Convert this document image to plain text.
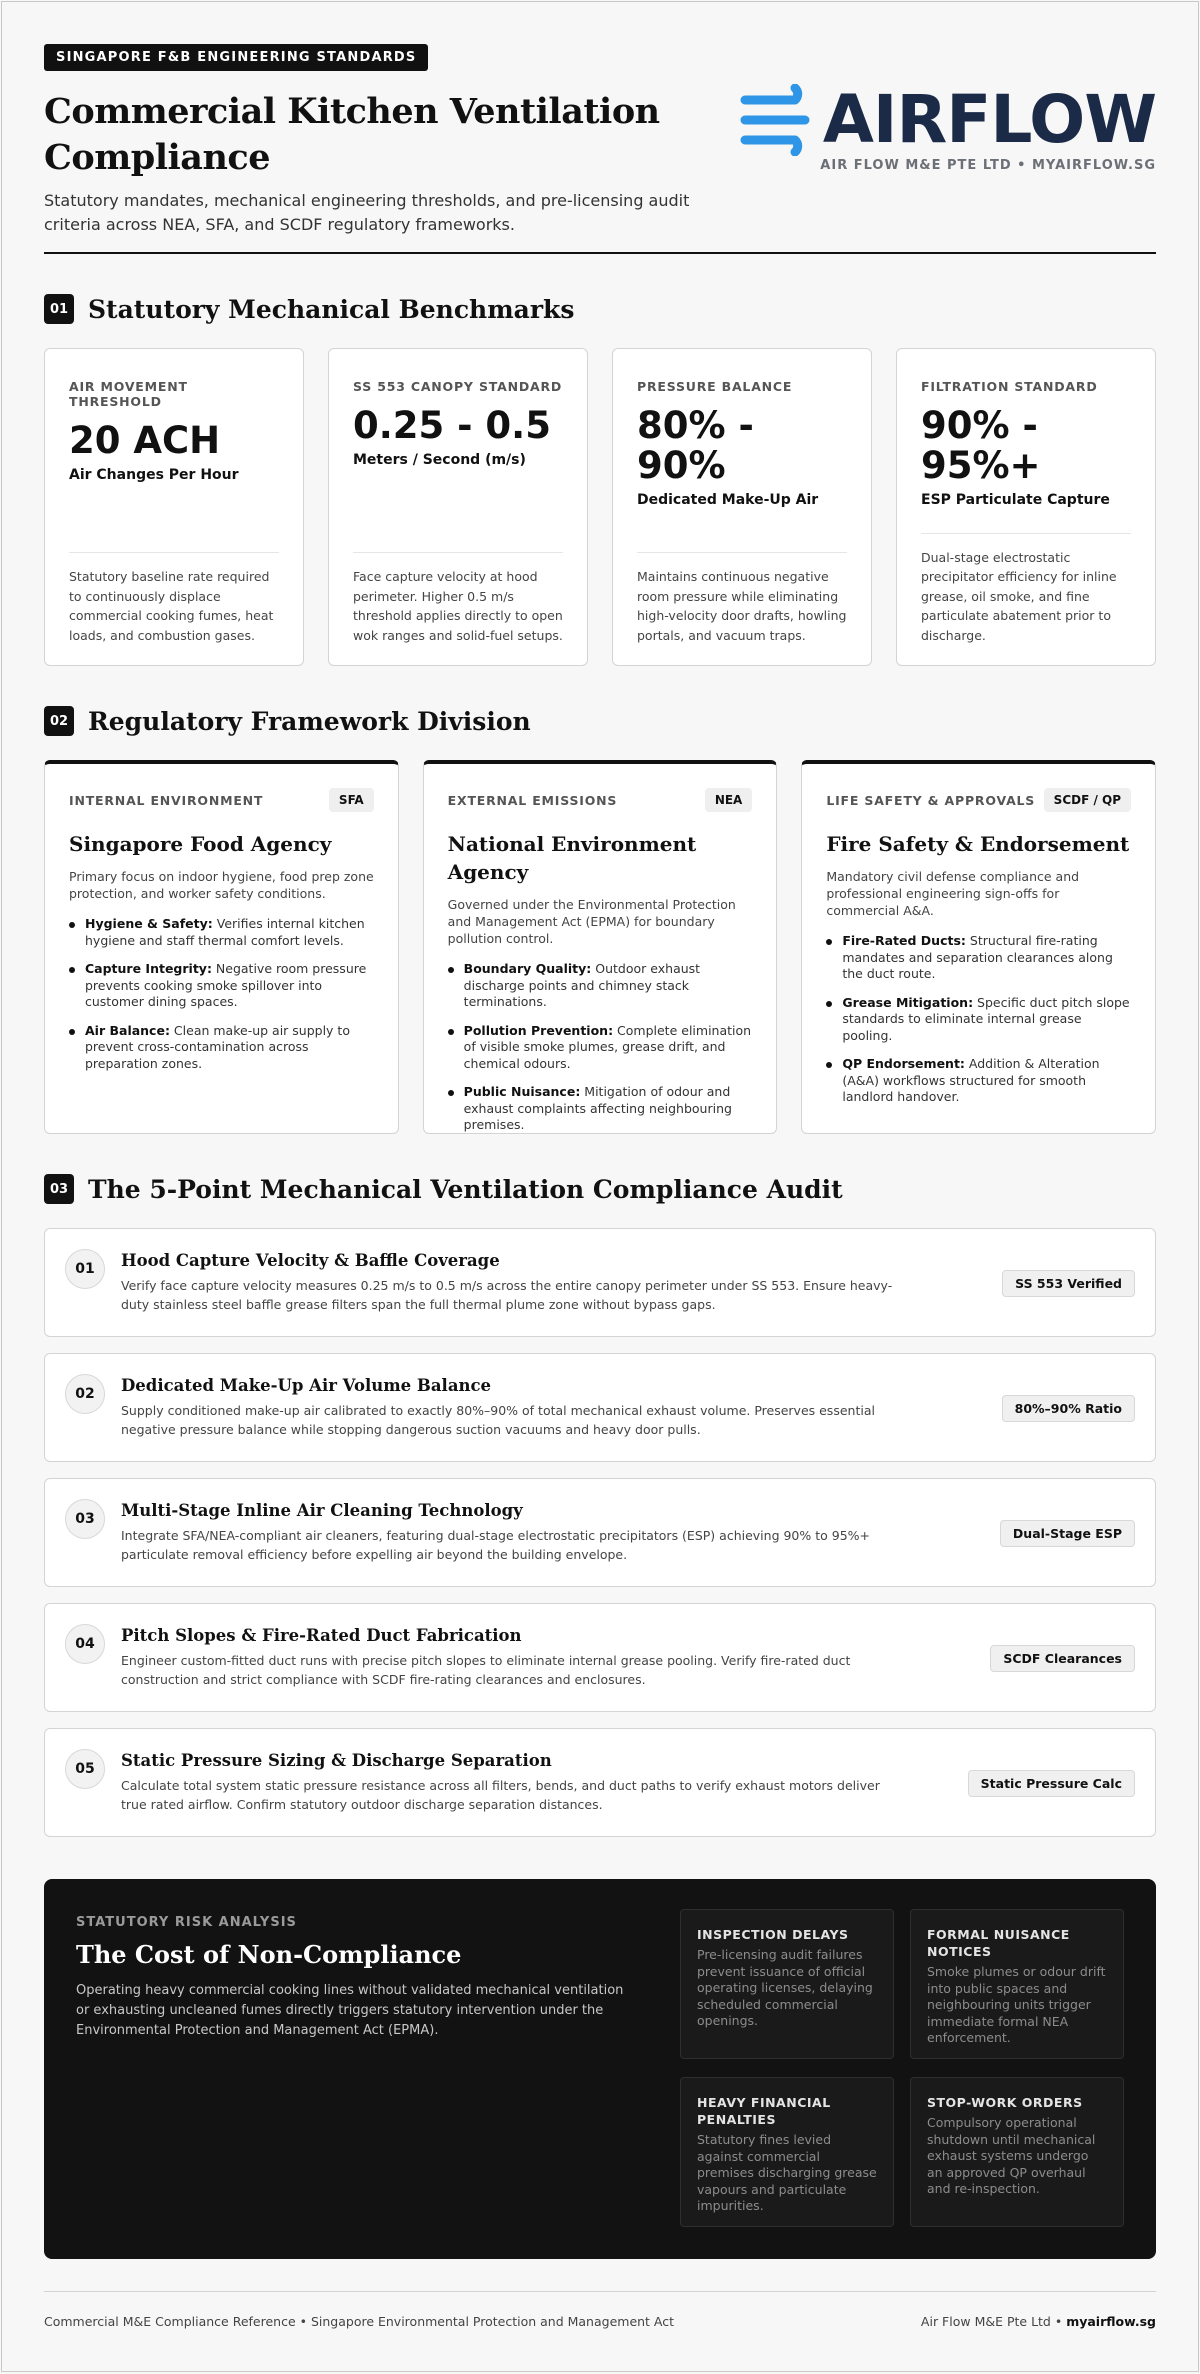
SINGAPORE F&B ENGINEERING STANDARDS
Commercial Kitchen Ventilation Compliance

Statutory mandates, mechanical engineering thresholds, and pre-licensing audit criteria across NEA, SFA, and SCDF regulatory frameworks.

AIRFLOW
AIR FLOW M&E PTE LTD • MYAIRFLOW.SG
01 Statutory Mechanical Benchmarks
AIR MOVEMENT THRESHOLD
20 ACH
Air Changes Per Hour
Statutory baseline rate required to continuously displace commercial cooking fumes, heat loads, and combustion gases.
SS 553 CANOPY STANDARD
0.25 - 0.5
Meters / Second (m/s)
Face capture velocity at hood perimeter. Higher 0.5 m/s threshold applies directly to open wok ranges and solid-fuel setups.
PRESSURE BALANCE
80% - 90%
Dedicated Make-Up Air
Maintains continuous negative room pressure while eliminating high-velocity door drafts, howling portals, and vacuum traps.
FILTRATION STANDARD
90% - 95%+
ESP Particulate Capture
Dual-stage electrostatic precipitator efficiency for inline grease, oil smoke, and fine particulate abatement prior to discharge.
02 Regulatory Framework Division
INTERNAL ENVIRONMENT	SFA
Singapore Food Agency

Primary focus on indoor hygiene, food prep zone protection, and worker safety conditions.

Hygiene & Safety: Verifies internal kitchen hygiene and staff thermal comfort levels.
Capture Integrity: Negative room pressure prevents cooking smoke spillover into customer dining spaces.
Air Balance: Clean make-up air supply to prevent cross-contamination across preparation zones.
EXTERNAL EMISSIONS	NEA
National Environment Agency

Governed under the Environmental Protection and Management Act (EPMA) for boundary pollution control.

Boundary Quality: Outdoor exhaust discharge points and chimney stack terminations.
Pollution Prevention: Complete elimination of visible smoke plumes, grease drift, and chemical odours.
Public Nuisance: Mitigation of odour and exhaust complaints affecting neighbouring premises.
LIFE SAFETY & APPROVALS	SCDF / QP
Fire Safety & Endorsement

Mandatory civil defense compliance and professional engineering sign-offs for commercial A&A.

Fire-Rated Ducts: Structural fire-rating mandates and separation clearances along the duct route.
Grease Mitigation: Specific duct pitch slope standards to eliminate internal grease pooling.
QP Endorsement: Addition & Alteration (A&A) workflows structured for smooth landlord handover.
03 The 5-Point Mechanical Ventilation Compliance Audit
01	Hood Capture Velocity & Baffle Coverage
Verify face capture velocity measures 0.25 m/s to 0.5 m/s across the entire canopy perimeter under SS 553. Ensure heavy-duty stainless steel baffle grease filters span the full thermal plume zone without bypass gaps.
SS 553 Verified
02	Dedicated Make-Up Air Volume Balance
Supply conditioned make-up air calibrated to exactly 80%–90% of total mechanical exhaust volume. Preserves essential negative pressure balance while stopping dangerous suction vacuums and heavy door pulls.
80%–90% Ratio
03	Multi-Stage Inline Air Cleaning Technology
Integrate SFA/NEA-compliant air cleaners, featuring dual-stage electrostatic precipitators (ESP) achieving 90% to 95%+ particulate removal efficiency before expelling air beyond the building envelope.
Dual-Stage ESP
04	Pitch Slopes & Fire-Rated Duct Fabrication
Engineer custom-fitted duct runs with precise pitch slopes to eliminate internal grease pooling. Verify fire-rated duct construction and strict compliance with SCDF fire-rating clearances and enclosures.
SCDF Clearances
05	Static Pressure Sizing & Discharge Separation
Calculate total system static pressure resistance across all filters, bends, and duct paths to verify exhaust motors deliver true rated airflow. Confirm statutory outdoor discharge separation distances.
Static Pressure Calc
STATUTORY RISK ANALYSIS
The Cost of Non-Compliance

Operating heavy commercial cooking lines without validated mechanical ventilation or exhausting uncleaned fumes directly triggers statutory intervention under the Environmental Protection and Management Act (EPMA).

INSPECTION DELAYS
Pre-licensing audit failures prevent issuance of official operating licenses, delaying scheduled commercial openings.
FORMAL NUISANCE NOTICES
Smoke plumes or odour drift into public spaces and neighbouring units trigger immediate formal NEA enforcement.
HEAVY FINANCIAL PENALTIES
Statutory fines levied against commercial premises discharging grease vapours and particulate impurities.
STOP-WORK ORDERS
Compulsory operational shutdown until mechanical exhaust systems undergo an approved QP overhaul and re-inspection.
Commercial M&E Compliance Reference • Singapore Environmental Protection and Management Act	Air Flow M&E Pte Ltd • myairflow.sg
